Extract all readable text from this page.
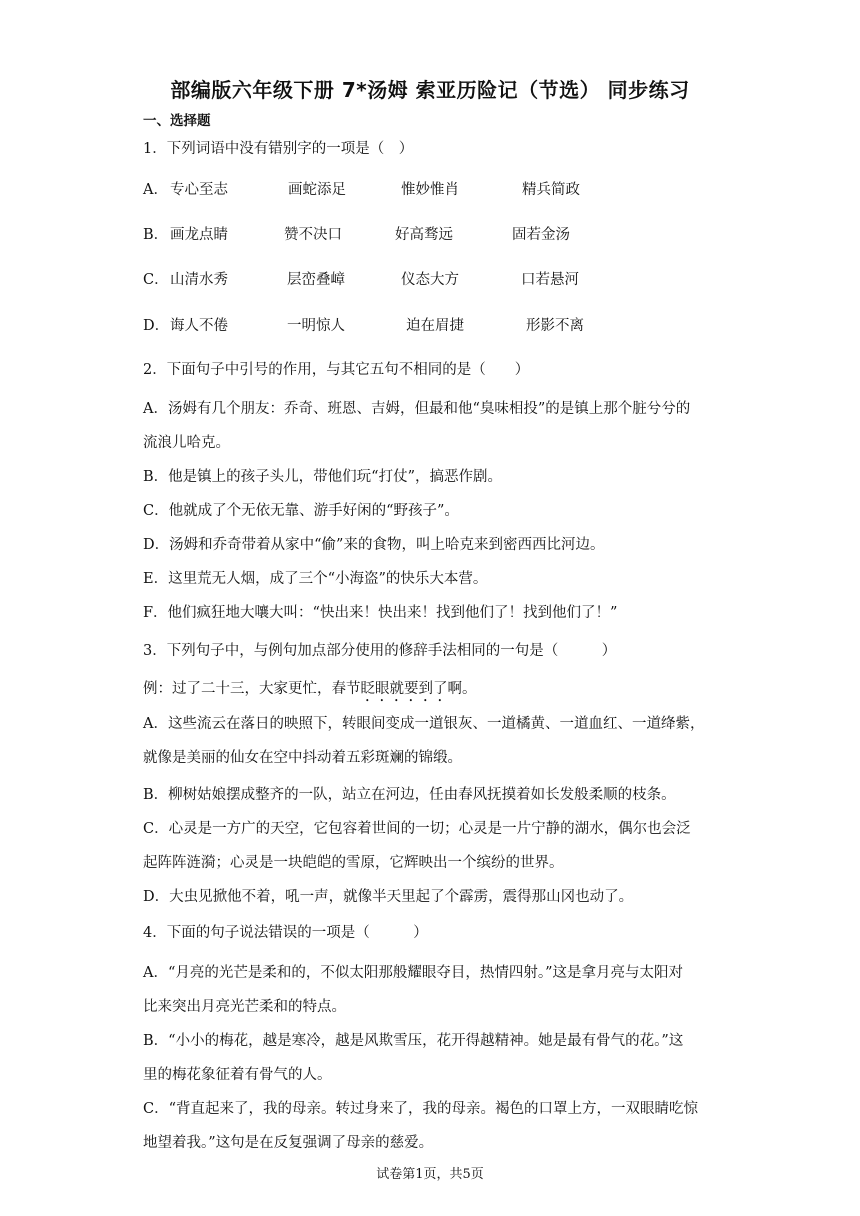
部编版六年级下册 7*汤姆 索亚历险记（节选） 同步练习
一、选择题
1．下列词语中没有错别字的一项是（　）
A． 专心至志	画蛇添足	惟妙惟肖	精兵简政
B． 画龙点睛	赞不决口	好高骛远	固若金汤
C． 山清水秀	层峦叠嶂	仪态大方	口若悬河
D． 诲人不倦	一明惊人	迫在眉捷	形影不离
2．下面句子中引号的作用，与其它五句不相同的是（　　）
A．汤姆有几个朋友：乔奇、班恩、吉姆，但最和他“臭味相投”的是镇上那个脏兮兮的
流浪儿哈克。
B．他是镇上的孩子头儿，带他们玩“打仗”，搞恶作剧。
C．他就成了个无依无靠、游手好闲的“野孩子”。
D．汤姆和乔奇带着从家中“偷”来的食物，叫上哈克来到密西西比河边。
E．这里荒无人烟，成了三个“小海盗”的快乐大本营。
F．他们疯狂地大嚷大叫：“快出来！快出来！找到他们了！找到他们了！”
3．下列句子中，与例句加点部分使用的修辞手法相同的一句是（　　　）
例：过了二十三，大家更忙，春节眨眼就要到了啊。
A．这些流云在落日的映照下，转眼间变成一道银灰、一道橘黄、一道血红、一道绛紫，
就像是美丽的仙女在空中抖动着五彩斑斓的锦缎。
B．柳树姑娘摆成整齐的一队，站立在河边，任由春风抚摸着如长发般柔顺的枝条。
C．心灵是一方广的天空，它包容着世间的一切；心灵是一片宁静的湖水，偶尔也会泛
起阵阵涟漪；心灵是一块皑皑的雪原，它辉映出一个缤纷的世界。
D．大虫见掀他不着，吼一声，就像半天里起了个霹雳，震得那山冈也动了。
4．下面的句子说法错误的一项是（　　　）
A．“月亮的光芒是柔和的，不似太阳那般耀眼夺目，热情四射。”这是拿月亮与太阳对
比来突出月亮光芒柔和的特点。
B．“小小的梅花，越是寒冷，越是风欺雪压，花开得越精神。她是最有骨气的花。”这
里的梅花象征着有骨气的人。
C．“背直起来了，我的母亲。转过身来了，我的母亲。褐色的口罩上方，一双眼睛吃惊
地望着我。”这句是在反复强调了母亲的慈爱。
试卷第1页，共5页
